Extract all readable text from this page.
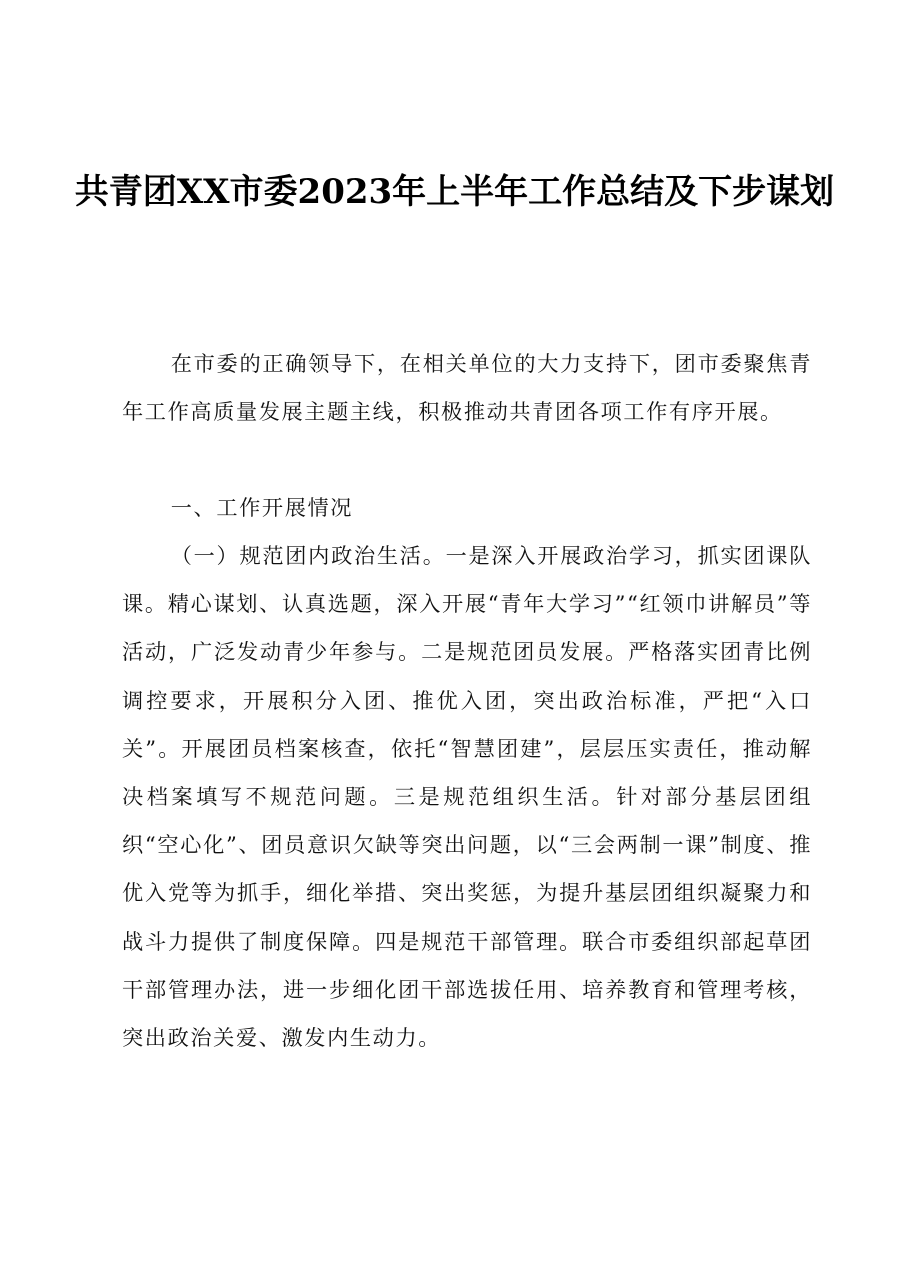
共青团XX市委2023年上半年工作总结及下步谋划

在市委的正确领导下，在相关单位的大力支持下，团市委聚焦青年工作高质量发展主题主线，积极推动共青团各项工作有序开展。

一、工作开展情况

（一）规范团内政治生活。一是深入开展政治学习，抓实团课队课。精心谋划、认真选题，深入开展“青年大学习”“红领巾讲解员”等活动，广泛发动青少年参与。二是规范团员发展。严格落实团青比例调控要求，开展积分入团、推优入团，突出政治标准，严把“入口关”。开展团员档案核查，依托“智慧团建”，层层压实责任，推动解决档案填写不规范问题。三是规范组织生活。针对部分基层团组织“空心化”、团员意识欠缺等突出问题，以“三会两制一课”制度、推优入党等为抓手，细化举措、突出奖惩，为提升基层团组织凝聚力和战斗力提供了制度保障。四是规范干部管理。联合市委组织部起草团干部管理办法，进一步细化团干部选拔任用、培养教育和管理考核，突出政治关爱、激发内生动力。
